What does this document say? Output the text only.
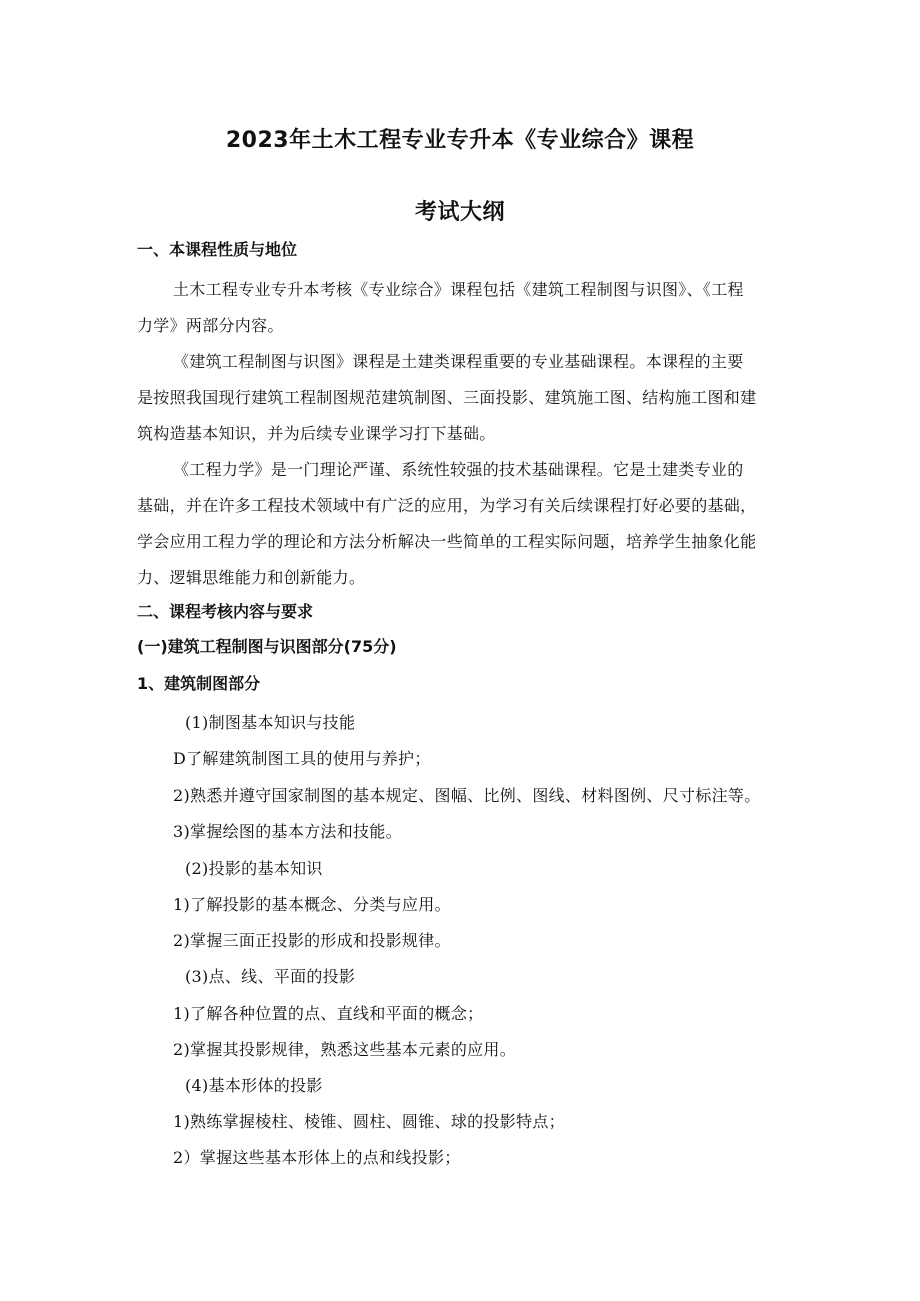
2023年土木工程专业专升本《专业综合》课程
考试大纲
一、本课程性质与地位
土木工程专业专升本考核《专业综合》课程包括《建筑工程制图与识图》、《工程
力学》两部分内容。
《建筑工程制图与识图》课程是土建类课程重要的专业基础课程。本课程的主要
是按照我国现行建筑工程制图规范建筑制图、三面投影、建筑施工图、结构施工图和建
筑构造基本知识，并为后续专业课学习打下基础。
《工程力学》是一门理论严谨、系统性较强的技术基础课程。它是土建类专业的
基础，并在许多工程技术领域中有广泛的应用，为学习有关后续课程打好必要的基础，
学会应用工程力学的理论和方法分析解决一些简单的工程实际问题，培养学生抽象化能
力、逻辑思维能力和创新能力。
二、课程考核内容与要求
(一)建筑工程制图与识图部分(75分)
1、建筑制图部分
(1)制图基本知识与技能
D了解建筑制图工具的使用与养护；
2)熟悉并遵守国家制图的基本规定、图幅、比例、图线、材料图例、尺寸标注等。
3)掌握绘图的基本方法和技能。
(2)投影的基本知识
1)了解投影的基本概念、分类与应用。
2)掌握三面正投影的形成和投影规律。
(3)点、线、平面的投影
1)了解各种位置的点、直线和平面的概念；
2)掌握其投影规律，熟悉这些基本元素的应用。
(4)基本形体的投影
1)熟练掌握棱柱、棱锥、圆柱、圆锥、球的投影特点；
2）掌握这些基本形体上的点和线投影；
